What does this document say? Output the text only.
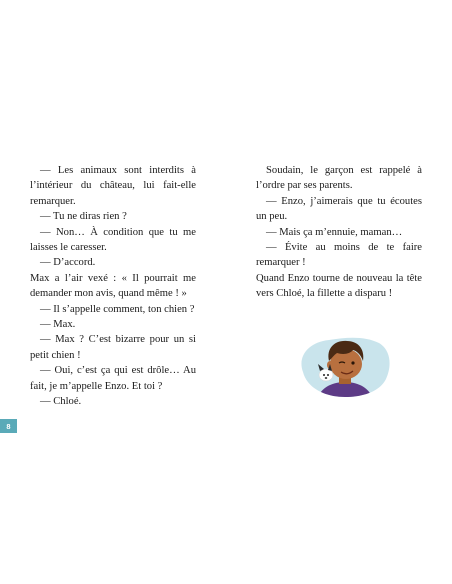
— Les animaux sont interdits à l’intérieur du château, lui fait-elle remarquer.

— Tu ne diras rien ?

— Non… À condition que tu me laisses le caresser.

— D’accord.

Max a l’air vexé : « Il pourrait me demander mon avis, quand même ! »

— Il s’appelle comment, ton chien ?

— Max.

— Max ? C’est bizarre pour un si petit chien !

— Oui, c’est ça qui est drôle… Au fait, je m’appelle Enzo. Et toi ?

— Chloé.

Soudain, le garçon est rappelé à l’ordre par ses parents.

— Enzo, j’aimerais que tu écoutes un peu.

— Mais ça m’ennuie, maman…

— Évite au moins de te faire remarquer !

Quand Enzo tourne de nouveau la tête vers Chloé, la fillette a disparu !

8
